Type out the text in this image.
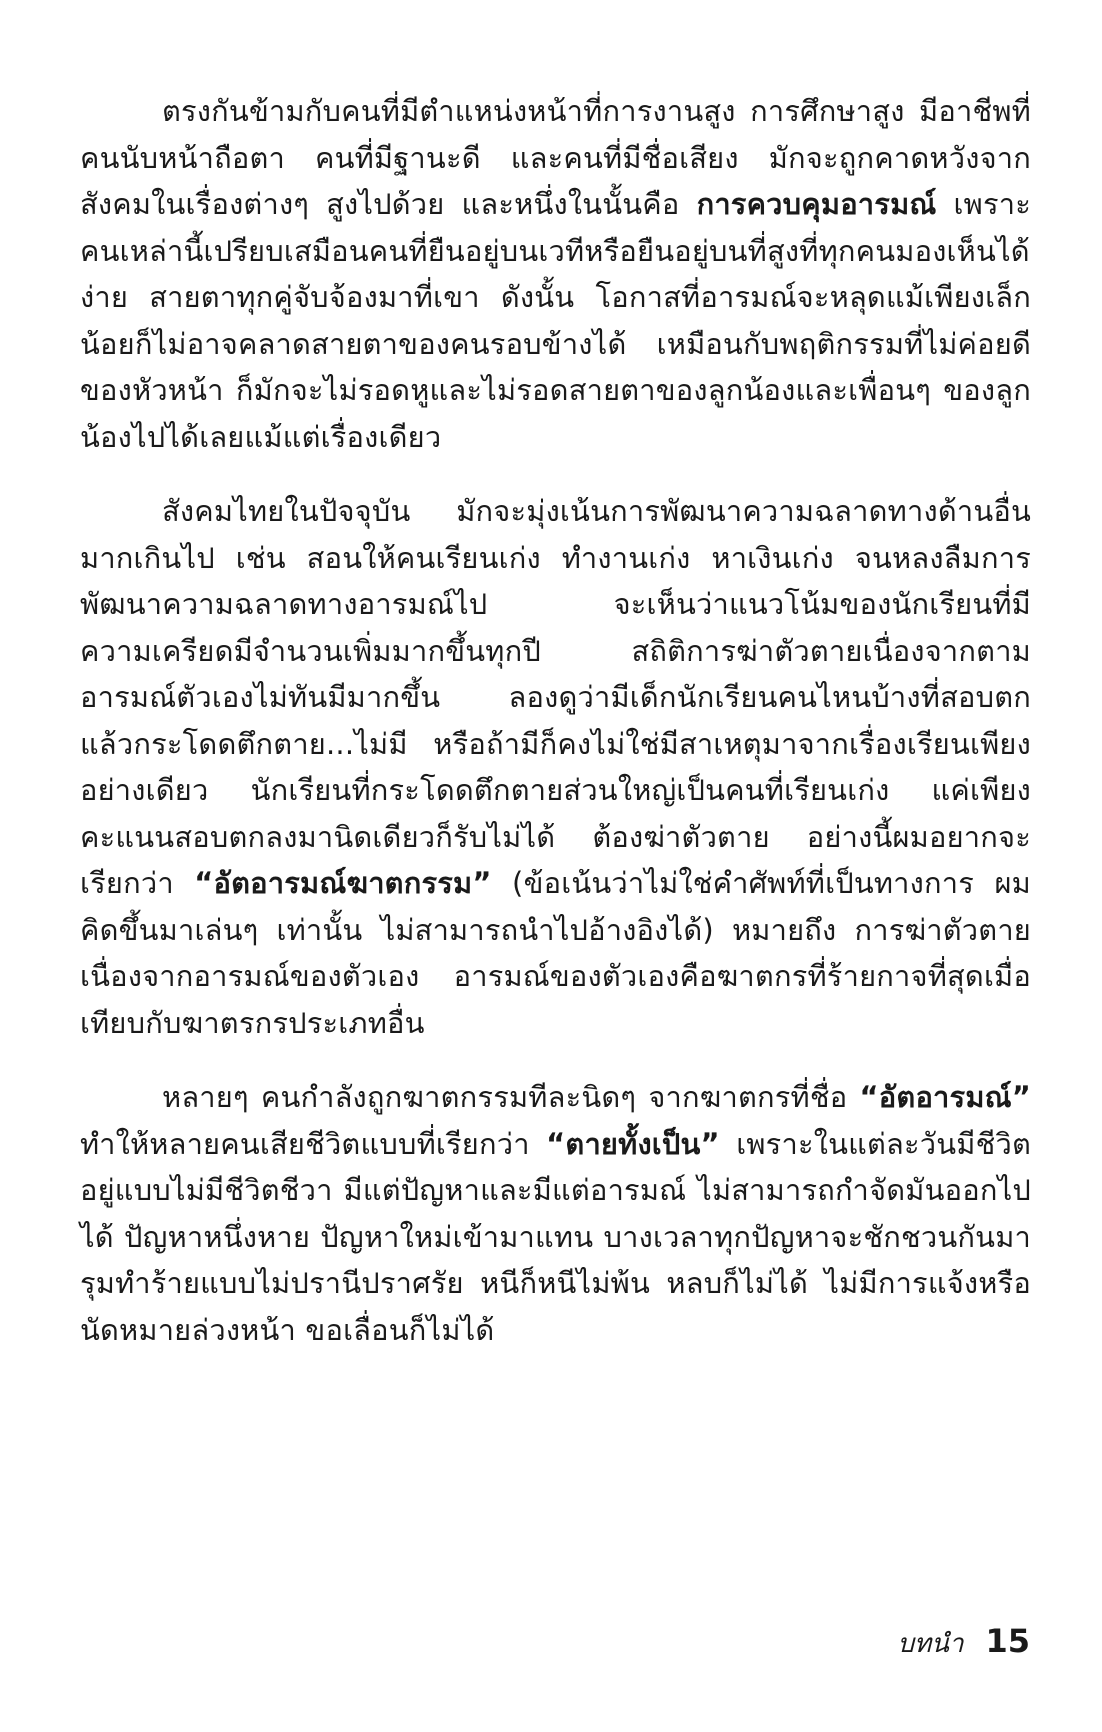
ตรงกันข้ามกับคนที่มีตำแหน่งหน้าที่การงานสูง การศึกษาสูง มีอาชีพที่คนนับหน้าถือตา คนที่มีฐานะดี และคนที่มีชื่อเสียง มักจะถูกคาดหวังจากสังคมในเรื่องต่างๆ สูงไปด้วย และหนึ่งในนั้นคือ การควบคุมอารมณ์ เพราะคนเหล่านี้เปรียบเสมือนคนที่ยืนอยู่บนเวทีหรือยืนอยู่บนที่สูงที่ทุกคนมองเห็นได้ง่าย สายตาทุกคู่จับจ้องมาที่เขา ดังนั้น โอกาสที่อารมณ์จะหลุดแม้เพียงเล็กน้อยก็ไม่อาจคลาดสายตาของคนรอบข้างได้ เหมือนกับพฤติกรรมที่ไม่ค่อยดีของหัวหน้า ก็มักจะไม่รอดหูและไม่รอดสายตาของลูกน้องและเพื่อนๆ ของลูกน้องไปได้เลยแม้แต่เรื่องเดียว

สังคมไทยในปัจจุบัน มักจะมุ่งเน้นการพัฒนาความฉลาดทางด้านอื่นมากเกินไป เช่น สอนให้คนเรียนเก่ง ทำงานเก่ง หาเงินเก่ง จนหลงลืมการพัฒนาความฉลาดทางอารมณ์ไป จะเห็นว่าแนวโน้มของนักเรียนที่มีความเครียดมีจำนวนเพิ่มมากขึ้นทุกปี สถิติการฆ่าตัวตายเนื่องจากตามอารมณ์ตัวเองไม่ทันมีมากขึ้น ลองดูว่ามีเด็กนักเรียนคนไหนบ้างที่สอบตกแล้วกระโดดตึกตาย...ไม่มี หรือถ้ามีก็คงไม่ใช่มีสาเหตุมาจากเรื่องเรียนเพียงอย่างเดียว นักเรียนที่กระโดดตึกตายส่วนใหญ่เป็นคนที่เรียนเก่ง แค่เพียงคะแนนสอบตกลงมานิดเดียวก็รับไม่ได้ ต้องฆ่าตัวตาย อย่างนี้ผมอยากจะเรียกว่า “อัตอารมณ์ฆาตกรรม” (ข้อเน้นว่าไม่ใช่คำศัพท์ที่เป็นทางการ ผมคิดขึ้นมาเล่นๆ เท่านั้น ไม่สามารถนำไปอ้างอิงได้) หมายถึง การฆ่าตัวตายเนื่องจากอารมณ์ของตัวเอง อารมณ์ของตัวเองคือฆาตกรที่ร้ายกาจที่สุดเมื่อเทียบกับฆาตรกรประเภทอื่น

หลายๆ คนกำลังถูกฆาตกรรมทีละนิดๆ จากฆาตกรที่ชื่อ “อัตอารมณ์” ทำให้หลายคนเสียชีวิตแบบที่เรียกว่า “ตายทั้งเป็น” เพราะในแต่ละวันมีชีวิตอยู่แบบไม่มีชีวิตชีวา มีแต่ปัญหาและมีแต่อารมณ์ ไม่สามารถกำจัดมันออกไปได้ ปัญหาหนึ่งหาย ปัญหาใหม่เข้ามาแทน บางเวลาทุกปัญหาจะชักชวนกันมารุมทำร้ายแบบไม่ปรานีปราศรัย หนีก็หนีไม่พ้น หลบก็ไม่ได้ ไม่มีการแจ้งหรือนัดหมายล่วงหน้า ขอเลื่อนก็ไม่ได้

บทนำ 15
